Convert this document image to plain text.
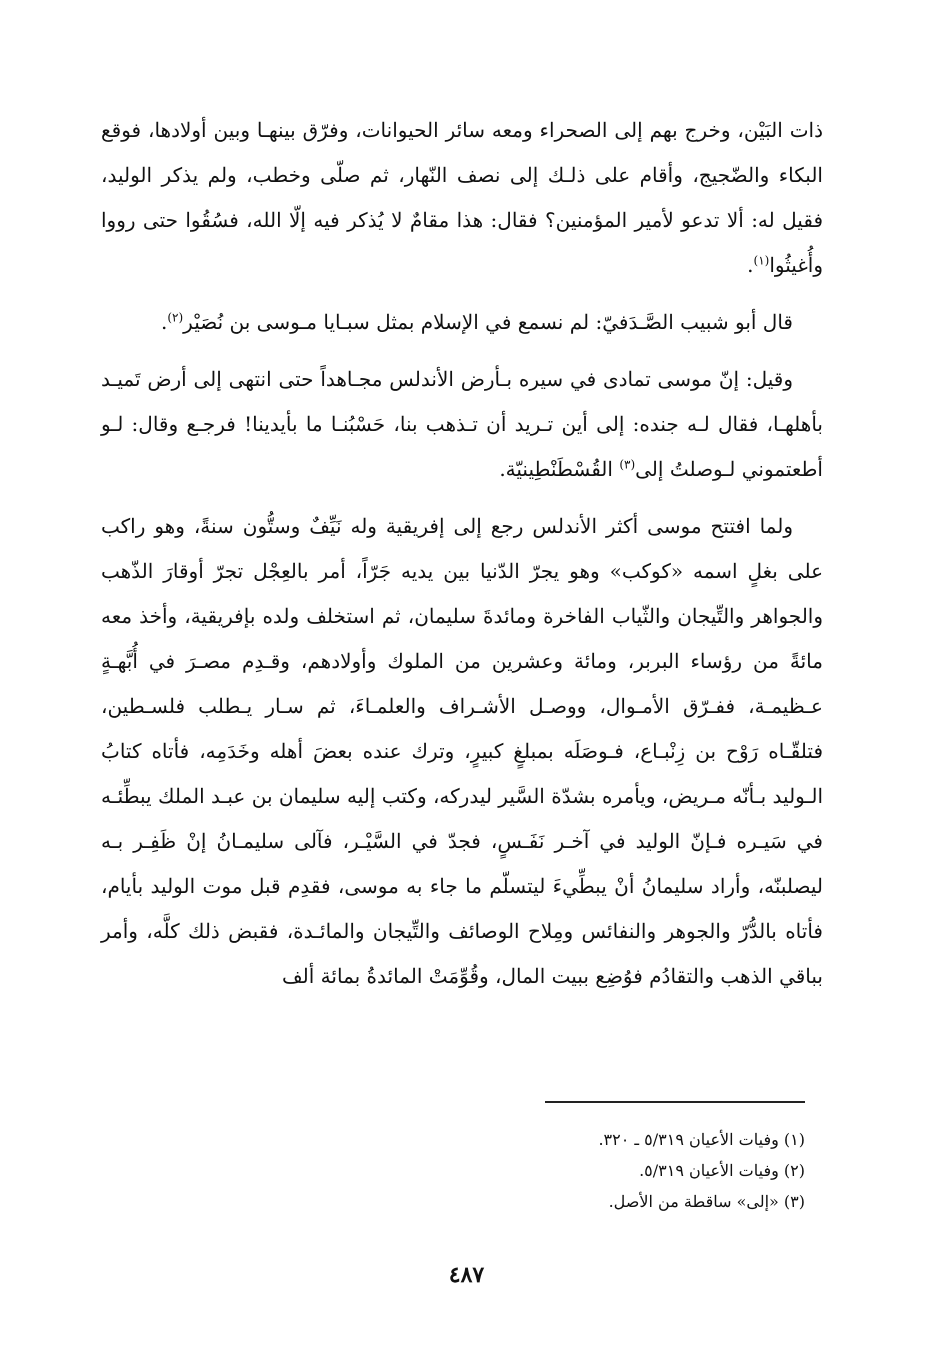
ذات البَيْن، وخرج بهم إلى الصحراء ومعه سائر الحيوانات، وفرّق بينهـا وبين أولادها، فوقع البكاء والضّجيج، وأقام على ذلـك إلى نصف النّهار، ثم صلّى وخطب، ولم يذكر الوليد، فقيل له: ألا تدعو لأمير المؤمنين؟ فقال: هذا مقامٌ لا يُذكر فيه إلّا الله، فسُقُوا حتى رووا وأُغيثُوا$^{(١)}$.

قال أبو شبيب الصَّـدَفيّ: لم نسمع في الإسلام بمثل سبـايا مـوسى بن نُصَيْر$^{(٢)}$.

وقيل: إنّ موسى تمادى في سيره بـأرض الأندلس مجـاهداً حتى انتهى إلى أرض تَميـد بأهلهـا، فقال لـه جنده: إلى أين تـريد أن تـذهب بنا، حَسْبُنـا ما بأيدينا! فرجـع وقال: لـو أطعتموني لـوصلتُ إلى$^{(٣)}$ القُسْطَنْطِينيّة.

ولما افتتح موسى أكثر الأندلس رجع إلى إفريقية وله نَيِّفٌ وستُّون سنةً، وهو راكب على بغلٍ اسمه «كوكب» وهو يجرّ الدّنيا بين يديه جَرّاً، أمر بالعِجْل تجرّ أوقارَ الذّهب والجواهر والتِّيجان والثّياب الفاخرة ومائدةَ سليمان، ثم استخلف ولده بإفريقية، وأخذ معه مائةً من رؤساء البربر، ومائة وعشرين من الملوك وأولادهم، وقـدِم مصـرَ في أُبَّهـةٍ عـظيمـة، ففـرّق الأمـوال، ووصـل الأشـراف والعلمـاءَ، ثم سـار يـطلب فلسـطين، فتلقّـاه رَوْح بن زِنْبـاع، فـوصَلَه بمبلغٍ كبيرٍ، وترك عنده بعضَ أهله وخَدَمِه، فأتاه كتابُ الـوليد بـأنّه مـريض، ويأمره بشدّة السَّير ليدركه، وكتب إليه سليمان بن عبـد الملك يبطِّئـه في سَيـره فـإنّ الوليد في آخـر نَفَـسٍ، فجدّ في السَّيْـر، فآلى سليمـانُ إنْ ظَفِـر بـه ليصلبنّه، وأراد سليمانُ أنْ يبطِّيءَ ليتسلّم ما جاء به موسى، فقدِم قبل موت الوليد بأيام، فأتاه بالدُّرّ والجوهر والنفائس ومِلاح الوصائف والتِّيجان والمائـدة، فقبض ذلك كلَّه، وأمر بباقي الذهب والتقادُم فوُضِع ببيت المال، وقُوِّمَتْ المائدةُ بمائة ألف

(١) وفيات الأعيان ٥/٣١٩ ـ ٣٢٠.

(٢) وفيات الأعيان ٥/٣١٩.

(٣) «إلى» ساقطة من الأصل.

٤٨٧
